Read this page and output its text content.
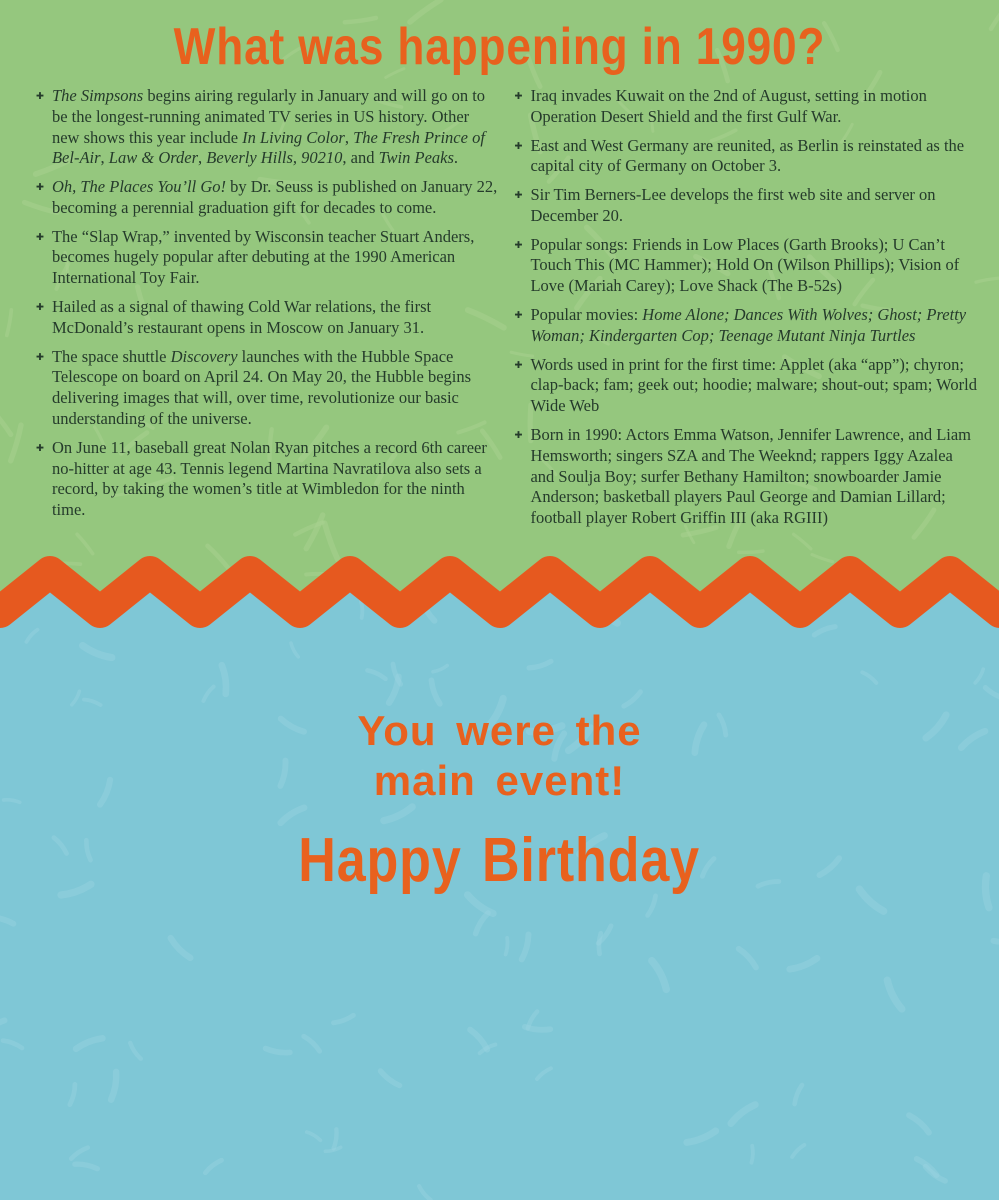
What was happening in 1990?
✚ The Simpsons begins airing regularly in January and will go on to be the longest-running animated TV series in US history. Other new shows this year include In Living Color, The Fresh Prince of Bel-Air, Law & Order, Beverly Hills, 90210, and Twin Peaks.
✚ Oh, The Places You’ll Go! by Dr. Seuss is published on January 22, becoming a perennial graduation gift for decades to come.
✚ The “Slap Wrap,” invented by Wisconsin teacher Stuart Anders, becomes hugely popular after debuting at the 1990 American International Toy Fair.
✚ Hailed as a signal of thawing Cold War relations, the first McDonald’s restaurant opens in Moscow on January 31.
✚ The space shuttle Discovery launches with the Hubble Space Telescope on board on April 24. On May 20, the Hubble begins delivering images that will, over time, revolutionize our basic understanding of the universe.
✚ On June 11, baseball great Nolan Ryan pitches a record 6th career no-hitter at age 43. Tennis legend Martina Navratilova also sets a record, by taking the women’s title at Wimbledon for the ninth time.
✚ Iraq invades Kuwait on the 2nd of August, setting in motion Operation Desert Shield and the first Gulf War.
✚ East and West Germany are reunited, as Berlin is reinstated as the capital city of Germany on October 3.
✚ Sir Tim Berners-Lee develops the first web site and server on December 20.
✚ Popular songs: Friends in Low Places (Garth Brooks); U Can’t Touch This (MC Hammer); Hold On (Wilson Phillips); Vision of Love (Mariah Carey); Love Shack (The B-52s)
✚ Popular movies: Home Alone; Dances With Wolves; Ghost; Pretty Woman; Kindergarten Cop; Teenage Mutant Ninja Turtles
✚ Words used in print for the first time: Applet (aka “app”); chyron; clap-back; fam; geek out; hoodie; malware; shout-out; spam; World Wide Web
✚ Born in 1990: Actors Emma Watson, Jennifer Lawrence, and Liam Hemsworth; singers SZA and The Weeknd; rappers Iggy Azalea and Soulja Boy; surfer Bethany Hamilton; snowboarder Jamie Anderson; basketball players Paul George and Damian Lillard; football player Robert Griffin III (aka RGIII)
You were the
main event!
Happy Birthday
